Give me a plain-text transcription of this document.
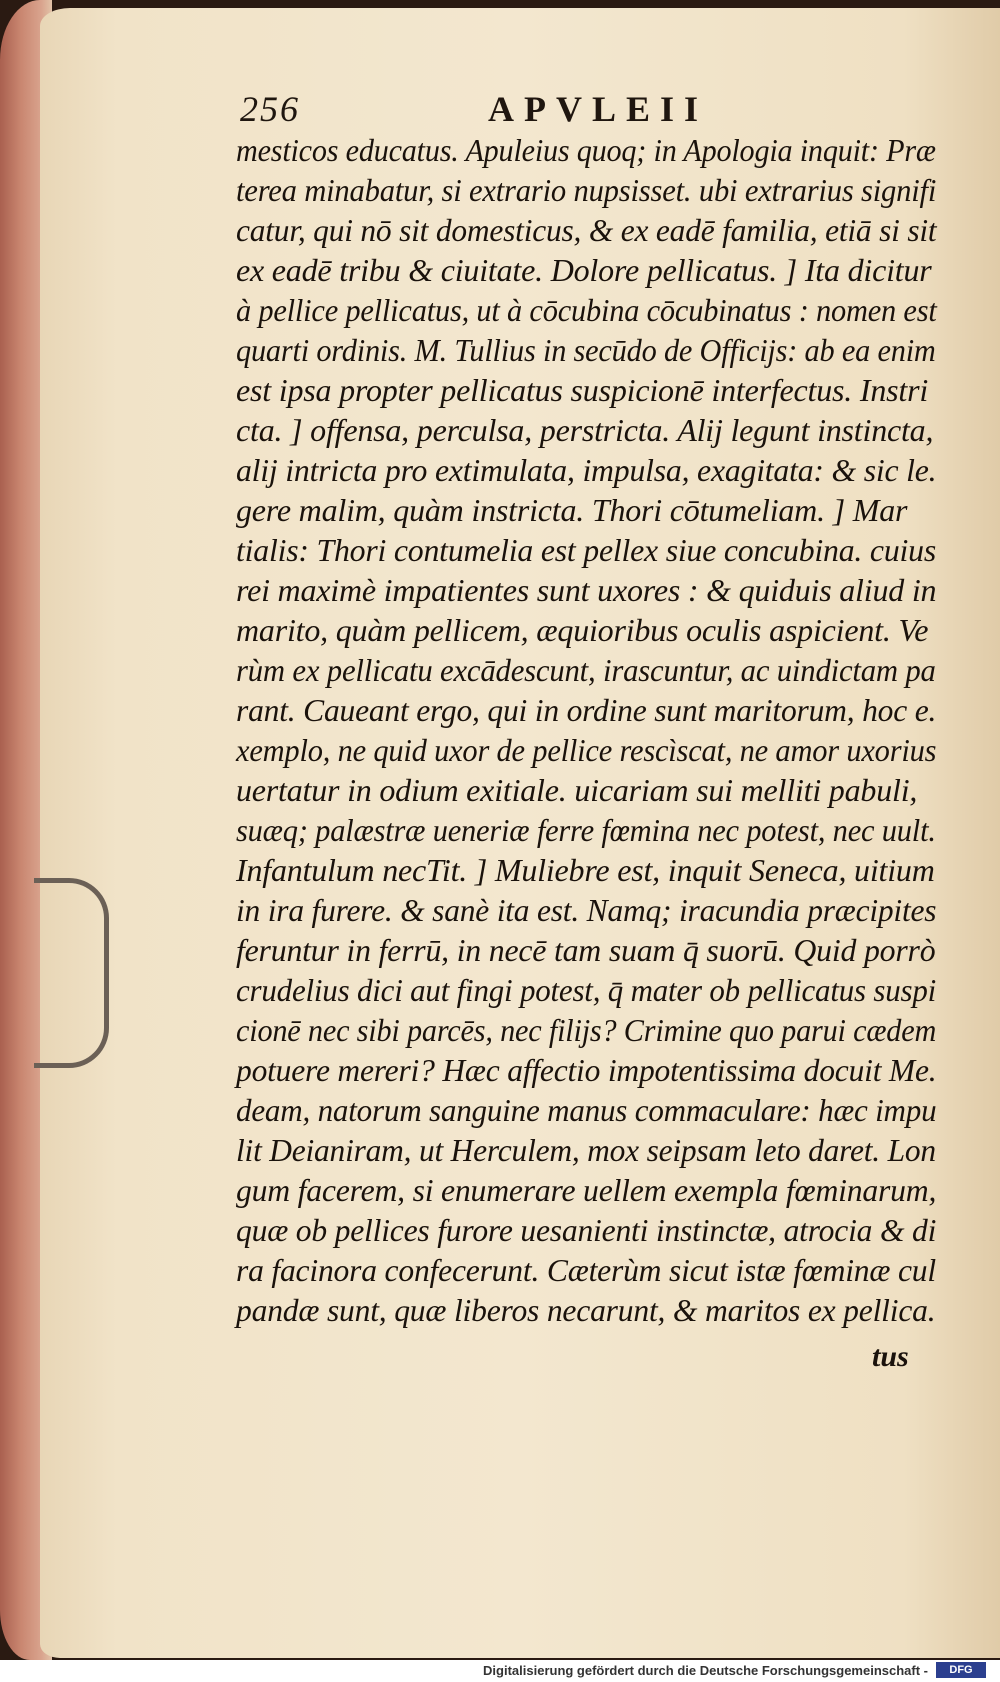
256	APVLEII
mesticos educatus. Apuleius quoq; in Apologia inquit: Præ
terea minabatur, si extrario nupsisset. ubi extrarius signifi
catur, qui nō sit domesticus, & ex eadē familia, etiā si sit
ex eadē tribu & ciuitate. Dolore pellicatus. ] Ita dicitur
à pellice pellicatus, ut à cōcubina cōcubinatus : nomen est
quarti ordinis. M. Tullius in secūdo de Officijs: ab ea enim
est ipsa propter pellicatus suspicionē interfectus. Instri
cta. ] offensa, perculsa, perstricta. Alij legunt instincta,
alij intricta pro extimulata, impulsa, exagitata: & sic le.
gere malim, quàm instricta. Thori cōtumeliam. ] Mar
tialis: Thori contumelia est pellex siue concubina. cuius
rei maximè impatientes sunt uxores : & quiduis aliud in
marito, quàm pellicem, æquioribus oculis aspicient. Ve
rùm ex pellicatu excādescunt, irascuntur, ac uindictam pa
rant. Caueant ergo, qui in ordine sunt maritorum, hoc e.
xemplo, ne quid uxor de pellice rescìscat, ne amor uxorius
uertatur in odium exitiale. uicariam sui melliti pabuli,
suæq; palæstræ ueneriæ ferre fœmina nec potest, nec uult.
Infantulum necTit. ] Muliebre est, inquit Seneca, uitium
in ira furere. & sanè ita est. Namq; iracundia præcipites
feruntur in ferrū, in necē tam suam q̄ suorū. Quid porrò
crudelius dici aut fingi potest, q̄ mater ob pellicatus suspi
cionē nec sibi parcēs, nec filijs? Crimine quo parui cædem
potuere mereri? Hæc affectio impotentissima docuit Me.
deam, natorum sanguine manus commaculare: hæc impu
lit Deianiram, ut Herculem, mox seipsam leto daret. Lon
gum facerem, si enumerare uellem exempla fœminarum,
quæ ob pellices furore uesanienti instinctæ, atrocia & di
ra facinora confecerunt. Cæterùm sicut istæ fœminæ cul
pandæ sunt, quæ liberos necarunt, & maritos ex pellica.
tus
Digitalisierung gefördert durch die Deutsche Forschungsgemeinschaft -	DFG
